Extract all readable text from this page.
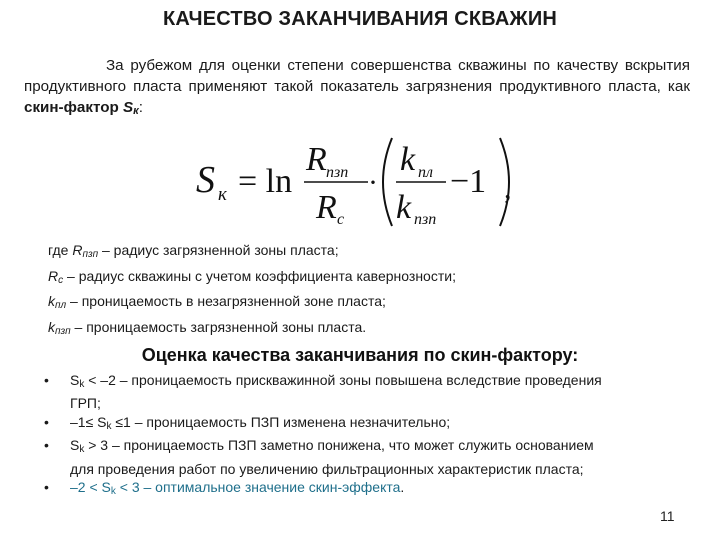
КАЧЕСТВО ЗАКАНЧИВАНИЯ СКВАЖИН
За рубежом для оценки степени совершенства скважины по качеству вскрытия продуктивного пласта применяют такой показатель загрязнения продуктивного пласта, как скин‑фактор Sк:
S к = ln
R пзп
R с
·
k пл
k пзп
−1 ,
где $R_{пзп}$ – радиус загрязненной зоны пласта;
$R_с$ – радиус скважины с учетом коэффициента кавернозности;
$k_{пл}$ – проницаемость в незагрязненной зоне пласта;
$k_{пзп}$ – проницаемость загрязненной зоны пласта.
Оценка качества заканчивания по скин-фактору:
•	Sk < –2 – проницаемость прискважинной зоны повышена вследствие проведения ГРП;
•	–1≤ Sk ≤1 – проницаемость ПЗП изменена незначительно;
•	Sk > 3 – проницаемость ПЗП заметно понижена, что может служить основанием для проведения работ по увеличению фильтрационных характеристик пласта;
•	–2 < Sk < 3 – оптимальное значение скин-эффекта.
11
